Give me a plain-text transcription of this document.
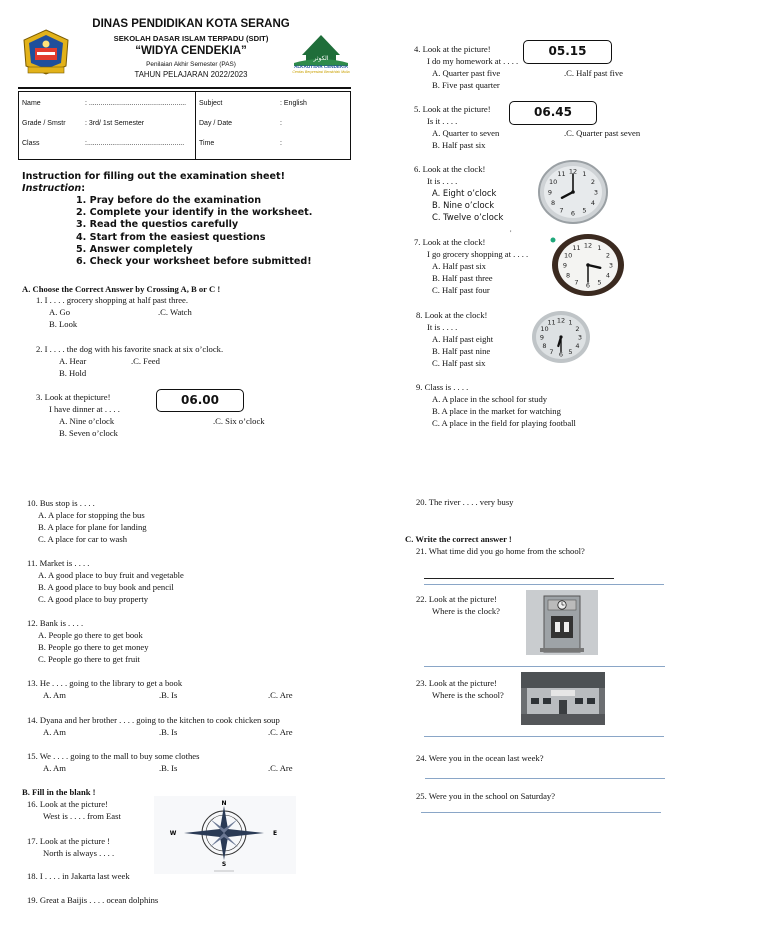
DINAS PENDIDIKAN KOTA SERANG
SEKOLAH DASAR ISLAM TERPADU (SDIT)
“WIDYA CENDEKIA”
Penilaian Akhir Semester (PAS)
TAHUN PELAJARAN 2022/2023
الكوثر
ALKAUTSAR CENDEKIA
Cerdas Berprestasi Berakhlak Mulia
Name	: .................................................. Subject	: English
Grade / Smstr	: 3rd/ 1st Semester	Day / Date	:
Class	:.................................................. Time	:
Instruction for filling out the examination sheet!
Instruction:
1. Pray before do the examination
2. Complete your identify in the worksheet.
3. Read the questios carefully
4. Start from the easiest questions
5. Answer completely
6. Check your worksheet before submitted!
A. Choose the Correct Answer by Crossing A, B or C !
1. I . . . . grocery shopping at half past three.
A. Go	.C. Watch
B. Look
2. I . . . . the dog with his favorite snack at six o’clock.
A. Hear	.C. Feed
B. Hold
3. Look at thepicture!
I have dinner at . . . .
06.00
A. Nine o’clock	.C. Six o’clock
B. Seven o’clock
4. Look at the picture!
I do my homework at . . . .
05.15
A. Quarter past five	.C. Half past five
B. Five past quarter
5. Look at the picture!
Is it . . . .
06.45
A. Quarter to seven	.C. Quarter past seven
B. Half past six
6. Look at the clock!
It is . . . .
A. Eight o’clock
B. Nine o’clock
C. Twelve o’clock
,
1
2
3
4
5
6
7
8
9
10
11 12
7. Look at the clock!
I go grocery shopping at . . . .
A. Half past six
B. Half past three
C. Half past four
1
2
3
4
5
6
7
8
9
10
11 12
8. Look at the clock!
It is . . . .
A. Half past eight
B. Half past nine
C. Half past six
1
2
3
4
5
6
7
8
9
10
11 12
9. Class is . . . .
A. A place in the school for study
B. A place in the market for watching
C. A place in the field for playing football
10. Bus stop is . . . .
A. A place for stopping the bus
B. A place for plane for landing
C. A place for car to wash
11. Market is . . . .
A. A good place to buy fruit and vegetable
B. A good place to buy book and pencil
C. A good place to buy property
12. Bank is . . . .
A. People go there to get book
B. People go there to get money
C. People go there to get fruit
13. He . . . . going to the library to get a book
A. Am	.B. Is	.C. Are
14. Dyana and her brother . . . . going to the kitchen to cook chicken soup
A. Am	.B. Is	.C. Are
15. We . . . . going to the mall to buy some clothes
A. Am	.B. Is	.C. Are
B. Fill in the blank !
16. Look at the picture!
West is . . . . from East
17. Look at the picture !
North is always . . . .
N
E
S
W
18. I . . . . in Jakarta last week
19. Great a Baijis . . . . ocean dolphins
20. The river . . . . very busy
C. Write the correct answer !
21. What time did you go home from the school?
22. Look at the picture!
Where is the clock?
23. Look at the picture!
Where is the school?
24. Were you in the ocean last week?
25. Were you in the school on Saturday?
